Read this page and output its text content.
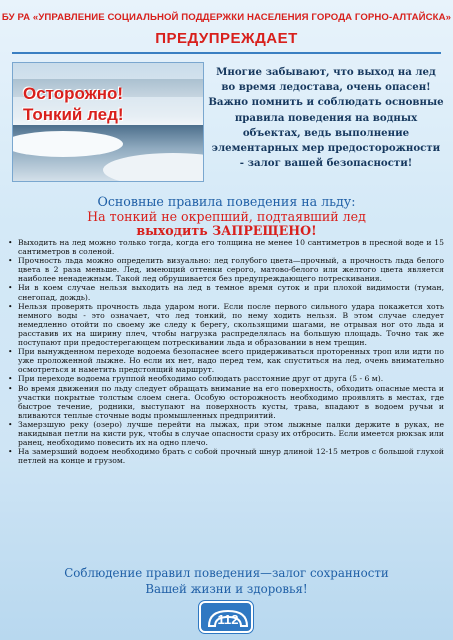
БУ РА «УПРАВЛЕНИЕ СОЦИАЛЬНОЙ ПОДДЕРЖКИ НАСЕЛЕНИЯ ГОРОДА ГОРНО-АЛТАЙСКА»
ПРЕДУПРЕЖДАЕТ
Осторожно!
Тонкий лед!
Многие забывают, что выход на лед во время ледостава, очень опасен! Важно помнить и соблюдать основные правила поведения на водных объектах, ведь выполнение элементарных мер предосторожности - залог вашей безопасности!
Основные правила поведения на льду:
На тонкий не окрепший, подтаявший лед
выходить ЗАПРЕЩЕНО!
• Выходить на лед можно только тогда, когда его толщина не менее 10 сантиметров в пресной воде и 15 сантиметров в соленой.
• Прочность льда можно определить визуально: лед голубого цвета—прочный, а прочность льда белого цвета в 2 раза меньше. Лед, имеющий оттенки серого, матово-белого или желтого цвета является наиболее ненадежным. Такой лед обрушивается без предупреждающего потрескивания.
• Ни в коем случае нельзя выходить на лед в темное время суток и при плохой видимости (туман, снегопад, дождь).
• Нельзя проверять прочность льда ударом ноги. Если после первого сильного удара покажется хоть немного воды - это означает, что лед тонкий, по нему ходить нельзя. В этом случае следует немедленно отойти по своему же следу к берегу, скользящими шагами, не отрывая ног ото льда и расставив их на ширину плеч, чтобы нагрузка распределялась на большую площадь. Точно так же поступают при предостерегающем потрескивании льда и образовании в нем трещин.
• При вынужденном переходе водоема безопаснее всего придерживаться проторенных троп или идти по уже проложенной лыжне. Но если их нет, надо перед тем, как спуститься на лед, очень внимательно осмотреться и наметить предстоящий маршрут.
• При переходе водоема группой необходимо соблюдать расстояние друг от друга (5 - 6 м).
• Во время движения по льду следует обращать внимание на его поверхность, обходить опасные места и участки покрытые толстым слоем снега. Особую осторожность необходимо проявлять в местах, где быстрое течение, родники, выступают на поверхность кусты, трава, впадают в водоем ручьи и вливаются теплые сточные воды промышленных предприятий.
• Замерзшую реку (озеро) лучше перейти на лыжах, при этом лыжные палки держите в руках, не накидывая петли на кисти рук, чтобы в случае опасности сразу их отбросить. Если имеется рюкзак или ранец, необходимо повесить их на одно плечо.
• На замерзший водоем необходимо брать с собой прочный шнур длиной 12-15 метров с большой глухой петлей на конце и грузом.
Соблюдение правил поведения—залог сохранности
Вашей жизни и здоровья!
112
